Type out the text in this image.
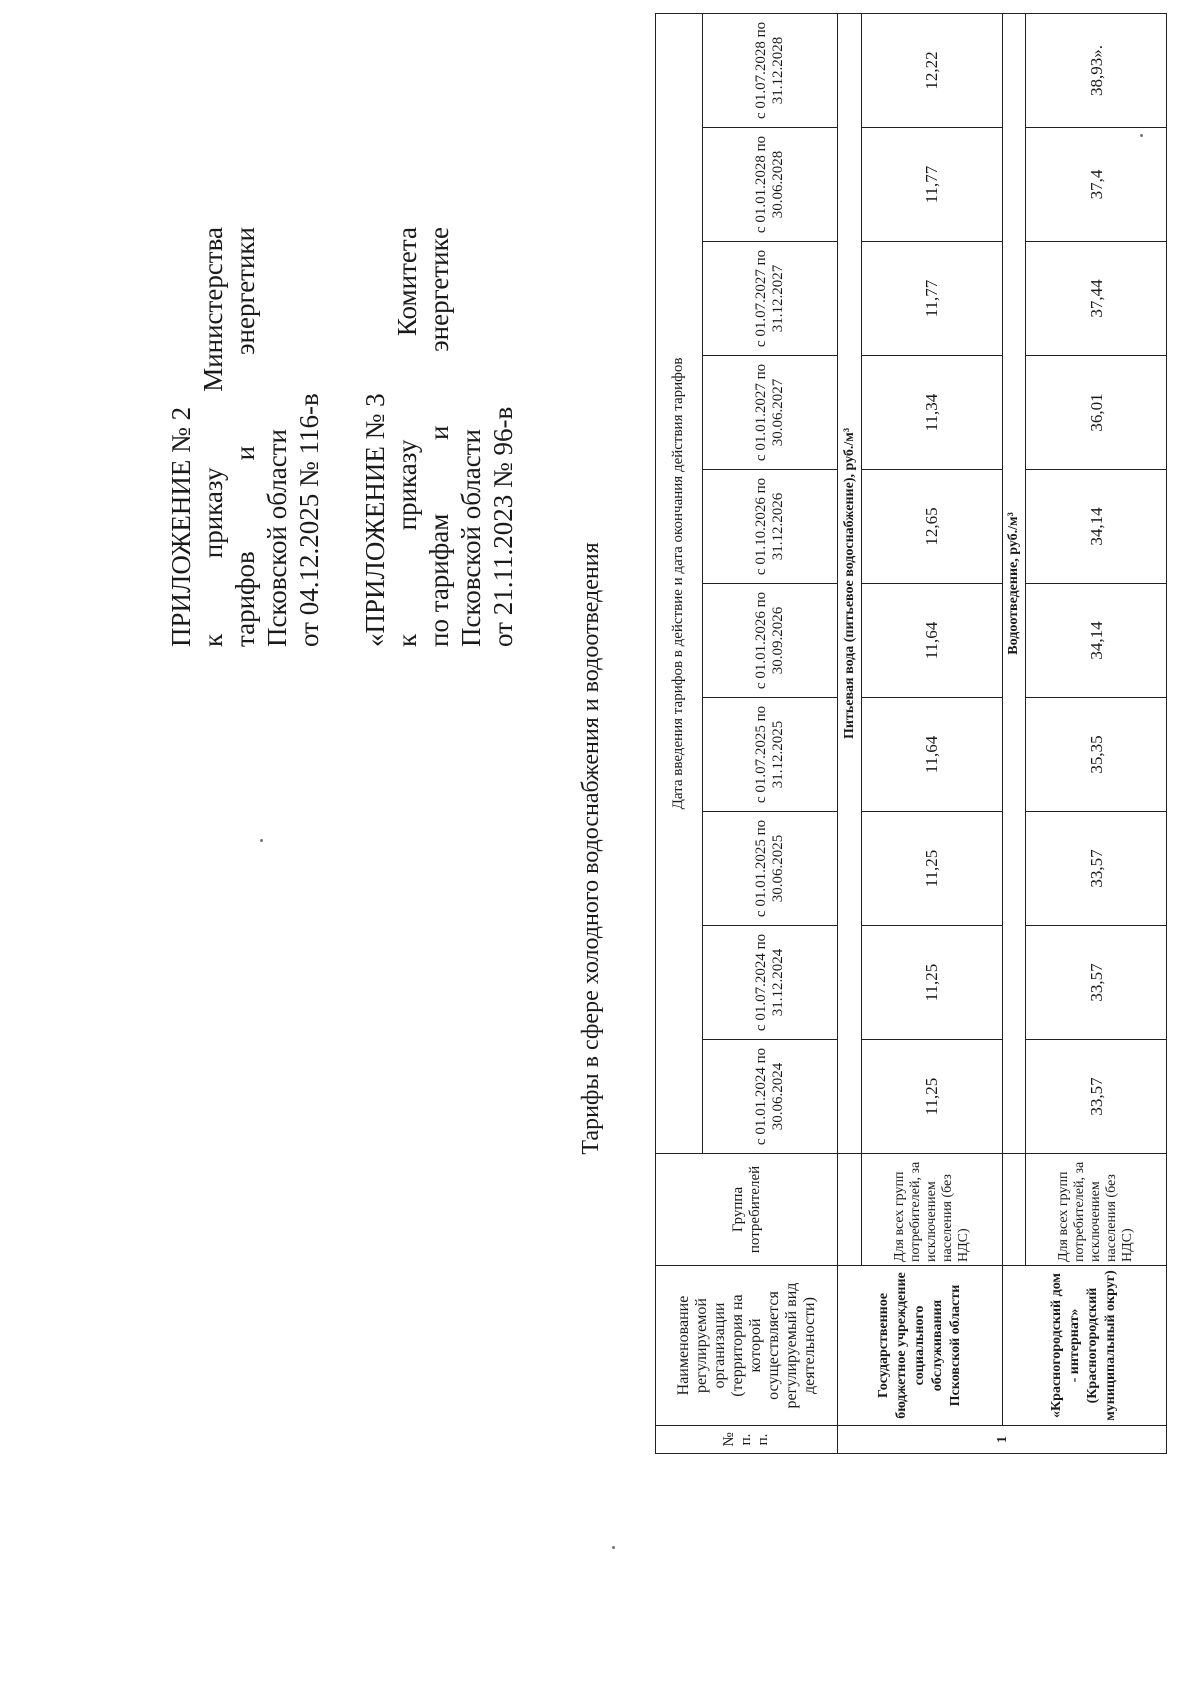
ПРИЛОЖЕНИЕ № 2 к
приказу
Министерства
тарифов
и
энергетики
Псковской области от 04.12.2025 № 116-в «ПРИЛОЖЕНИЕ № 3 к
приказу
Комитета
по тарифам
и
энергетике
Псковской области от 21.11.2023 № 96-в
Тарифы в сфере холодного водоснабжения и водоотведения
№ п. п.	Наименование регулируемой организации (территория на которой осуществляется регулируемый вид деятельности)	Группа потребителей	Дата введения тарифов в действие и дата окончания действия тарифов									
			с 01.01.2024 по 30.06.2024	с 01.07.2024 по 31.12.2024	с 01.01.2025 по 30.06.2025	с 01.07.2025 по 31.12.2025	с 01.01.2026 по 30.09.2026	с 01.10.2026 по 31.12.2026	с 01.01.2027 по 30.06.2027	с 01.07.2027 по 31.12.2027	с 01.01.2028 по 30.06.2028	с 01.07.2028 по 31.12.2028
1	Государственное бюджетное учреждение социального обслуживания Псковской области		Питьевая вода (питьевое водоснабжение), руб./м³									
		Для всех групп потребителей, за исключением населения (без НДС)	11,25	11,25	11,25	11,64	11,64	12,65	11,34	11,77	11,77	12,22
	«Красногородский дом - интернат» (Красногородский муниципальный округ)		Водоотведение, руб./м³									
		Для всех групп потребителей, за исключением населения (без НДС)	33,57	33,57	33,57	35,35	34,14	34,14	36,01	37,44	37,4	38,93».
